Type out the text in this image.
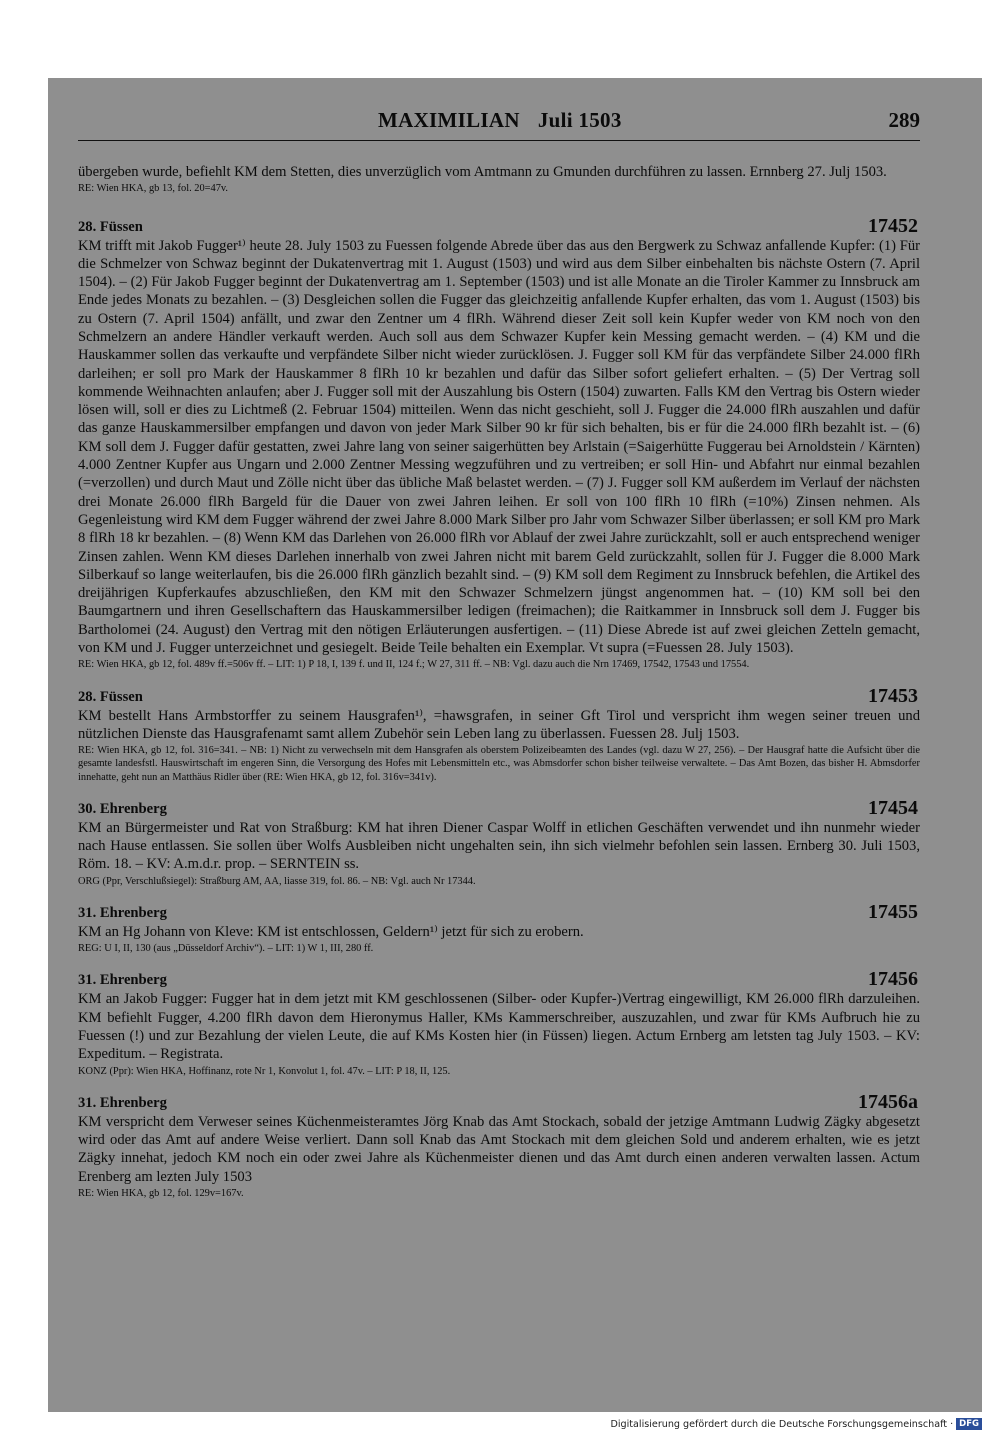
MAXIMILIAN Juli 1503	289

übergeben wurde, befiehlt KM dem Stetten, dies unverzüglich vom Amtmann zu Gmunden durchführen zu lassen. Ernnberg 27. Julj 1503.

RE: Wien HKA, gb 13, fol. 20=47v.

28. Füssen	17452

KM trifft mit Jakob Fugger¹⁾ heute 28. July 1503 zu Fuessen folgende Abrede über das aus den Bergwerk zu Schwaz anfallende Kupfer: (1) Für die Schmelzer von Schwaz beginnt der Dukatenvertrag mit 1. August (1503) und wird aus dem Silber einbehalten bis nächste Ostern (7. April 1504). – (2) Für Jakob Fugger beginnt der Dukatenvertrag am 1. September (1503) und ist alle Monate an die Tiroler Kammer zu Innsbruck am Ende jedes Monats zu bezahlen. – (3) Desgleichen sollen die Fugger das gleichzeitig anfallende Kupfer erhalten, das vom 1. August (1503) bis zu Ostern (7. April 1504) anfällt, und zwar den Zentner um 4 flRh. Während dieser Zeit soll kein Kupfer weder von KM noch von den Schmelzern an andere Händler verkauft werden. Auch soll aus dem Schwazer Kupfer kein Messing gemacht werden. – (4) KM und die Hauskammer sollen das verkaufte und verpfändete Silber nicht wieder zurücklösen. J. Fugger soll KM für das verpfändete Silber 24.000 flRh darleihen; er soll pro Mark der Hauskammer 8 flRh 10 kr bezahlen und dafür das Silber sofort geliefert erhalten. – (5) Der Vertrag soll kommende Weihnachten anlaufen; aber J. Fugger soll mit der Auszahlung bis Ostern (1504) zuwarten. Falls KM den Vertrag bis Ostern wieder lösen will, soll er dies zu Lichtmeß (2. Februar 1504) mitteilen. Wenn das nicht geschieht, soll J. Fugger die 24.000 flRh auszahlen und dafür das ganze Hauskammersilber empfangen und davon von jeder Mark Silber 90 kr für sich behalten, bis er für die 24.000 flRh bezahlt ist. – (6) KM soll dem J. Fugger dafür gestatten, zwei Jahre lang von seiner saigerhütten bey Arlstain (=Saigerhütte Fuggerau bei Arnoldstein / Kärnten) 4.000 Zentner Kupfer aus Ungarn und 2.000 Zentner Messing wegzuführen und zu vertreiben; er soll Hin- und Abfahrt nur einmal bezahlen (=verzollen) und durch Maut und Zölle nicht über das übliche Maß belastet werden. – (7) J. Fugger soll KM außerdem im Verlauf der nächsten drei Monate 26.000 flRh Bargeld für die Dauer von zwei Jahren leihen. Er soll von 100 flRh 10 flRh (=10%) Zinsen nehmen. Als Gegenleistung wird KM dem Fugger während der zwei Jahre 8.000 Mark Silber pro Jahr vom Schwazer Silber überlassen; er soll KM pro Mark 8 flRh 18 kr bezahlen. – (8) Wenn KM das Darlehen von 26.000 flRh vor Ablauf der zwei Jahre zurückzahlt, soll er auch entsprechend weniger Zinsen zahlen. Wenn KM dieses Darlehen innerhalb von zwei Jahren nicht mit barem Geld zurückzahlt, sollen für J. Fugger die 8.000 Mark Silberkauf so lange weiterlaufen, bis die 26.000 flRh gänzlich bezahlt sind. – (9) KM soll dem Regiment zu Innsbruck befehlen, die Artikel des dreijährigen Kupferkaufes abzuschließen, den KM mit den Schwazer Schmelzern jüngst angenommen hat. – (10) KM soll bei den Baumgartnern und ihren Gesellschaftern das Hauskammersilber ledigen (freimachen); die Raitkammer in Innsbruck soll dem J. Fugger bis Bartholomei (24. August) den Vertrag mit den nötigen Erläuterungen ausfertigen. – (11) Diese Abrede ist auf zwei gleichen Zetteln gemacht, von KM und J. Fugger unterzeichnet und gesiegelt. Beide Teile behalten ein Exemplar. Vt supra (=Fuessen 28. July 1503).

RE: Wien HKA, gb 12, fol. 489v ff.=506v ff. – LIT: 1) P 18, I, 139 f. und II, 124 f.; W 27, 311 ff. – NB: Vgl. dazu auch die Nrn 17469, 17542, 17543 und 17554.

28. Füssen	17453

KM bestellt Hans Armbstorffer zu seinem Hausgrafen¹⁾, =hawsgrafen, in seiner Gft Tirol und verspricht ihm wegen seiner treuen und nützlichen Dienste das Hausgrafenamt samt allem Zubehör sein Leben lang zu überlassen. Fuessen 28. Julj 1503.

RE: Wien HKA, gb 12, fol. 316=341. – NB: 1) Nicht zu verwechseln mit dem Hansgrafen als oberstem Polizeibeamten des Landes (vgl. dazu W 27, 256). – Der Hausgraf hatte die Aufsicht über die gesamte landesfstl. Hauswirtschaft im engeren Sinn, die Versorgung des Hofes mit Lebensmitteln etc., was Abmsdorfer schon bisher teilweise verwaltete. – Das Amt Bozen, das bisher H. Abmsdorfer innehatte, geht nun an Matthäus Ridler über (RE: Wien HKA, gb 12, fol. 316v=341v).

30. Ehrenberg	17454

KM an Bürgermeister und Rat von Straßburg: KM hat ihren Diener Caspar Wolff in etlichen Geschäften verwendet und ihn nunmehr wieder nach Hause entlassen. Sie sollen über Wolfs Ausbleiben nicht ungehalten sein, ihn sich vielmehr befohlen sein lassen. Ernberg 30. Juli 1503, Röm. 18. – KV: A.m.d.r. prop. – SERNTEIN ss.

ORG (Ppr, Verschlußsiegel): Straßburg AM, AA, liasse 319, fol. 86. – NB: Vgl. auch Nr 17344.

31. Ehrenberg	17455

KM an Hg Johann von Kleve: KM ist entschlossen, Geldern¹⁾ jetzt für sich zu erobern.

REG: U I, II, 130 (aus „Düsseldorf Archiv“). – LIT: 1) W 1, III, 280 ff.

31. Ehrenberg	17456

KM an Jakob Fugger: Fugger hat in dem jetzt mit KM geschlossenen (Silber- oder Kupfer-)Vertrag eingewilligt, KM 26.000 flRh darzuleihen. KM befiehlt Fugger, 4.200 flRh davon dem Hieronymus Haller, KMs Kammerschreiber, auszuzahlen, und zwar für KMs Aufbruch hie zu Fuessen (!) und zur Bezahlung der vielen Leute, die auf KMs Kosten hier (in Füssen) liegen. Actum Ernberg am letsten tag July 1503. – KV: Expeditum. – Registrata.

KONZ (Ppr): Wien HKA, Hoffinanz, rote Nr 1, Konvolut 1, fol. 47v. – LIT: P 18, II, 125.

31. Ehrenberg	17456a

KM verspricht dem Verweser seines Küchenmeisteramtes Jörg Knab das Amt Stockach, sobald der jetzige Amtmann Ludwig Zägky abgesetzt wird oder das Amt auf andere Weise verliert. Dann soll Knab das Amt Stockach mit dem gleichen Sold und anderem erhalten, wie es jetzt Zägky innehat, jedoch KM noch ein oder zwei Jahre als Küchenmeister dienen und das Amt durch einen anderen verwalten lassen. Actum Erenberg am lezten July 1503

RE: Wien HKA, gb 12, fol. 129v=167v.

Digitalisierung gefördert durch die Deutsche Forschungsgemeinschaft · DFG
